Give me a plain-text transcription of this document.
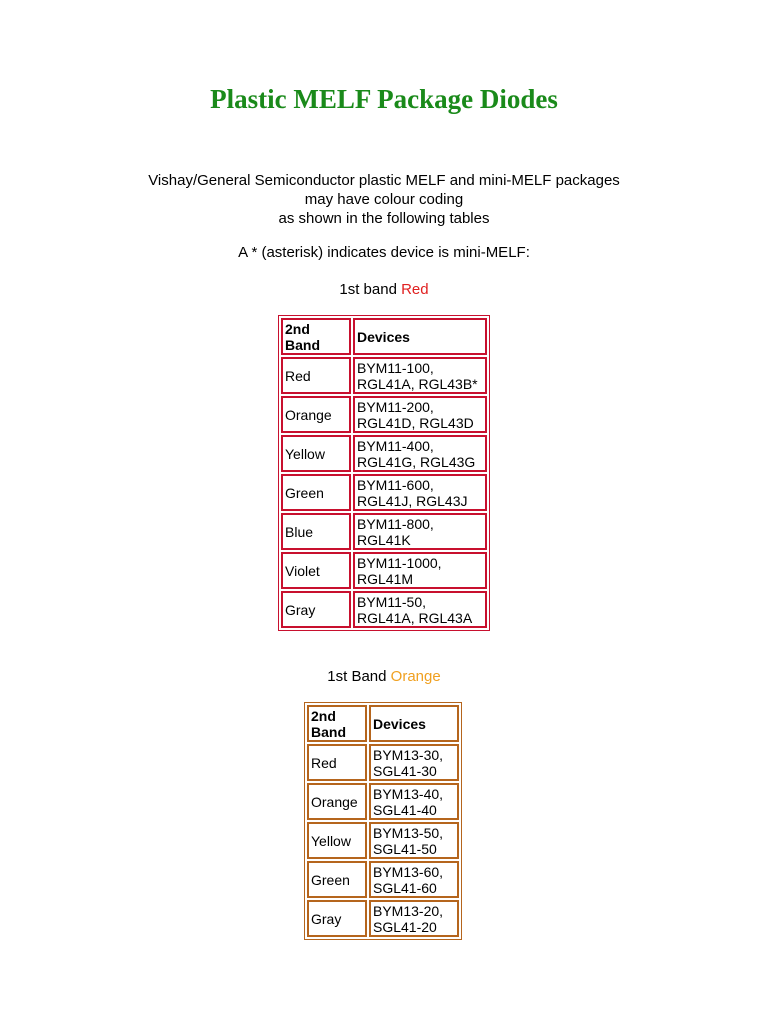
Plastic MELF Package Diodes
Vishay/General Semiconductor plastic MELF and mini-MELF packages
may have colour coding
as shown in the following tables
A * (asterisk) indicates device is mini-MELF:
1st band Red
2nd Band	Devices
Red	BYM11-100, RGL41A, RGL43B*
Orange	BYM11-200, RGL41D, RGL43D
Yellow	BYM11-400, RGL41G, RGL43G
Green	BYM11-600, RGL41J, RGL43J
Blue	BYM11-800, RGL41K
Violet	BYM11-1000, RGL41M
Gray	BYM11-50, RGL41A, RGL43A
1st Band Orange
2nd Band	Devices
Red	BYM13-30, SGL41-30
Orange	BYM13-40, SGL41-40
Yellow	BYM13-50, SGL41-50
Green	BYM13-60, SGL41-60
Gray	BYM13-20, SGL41-20
